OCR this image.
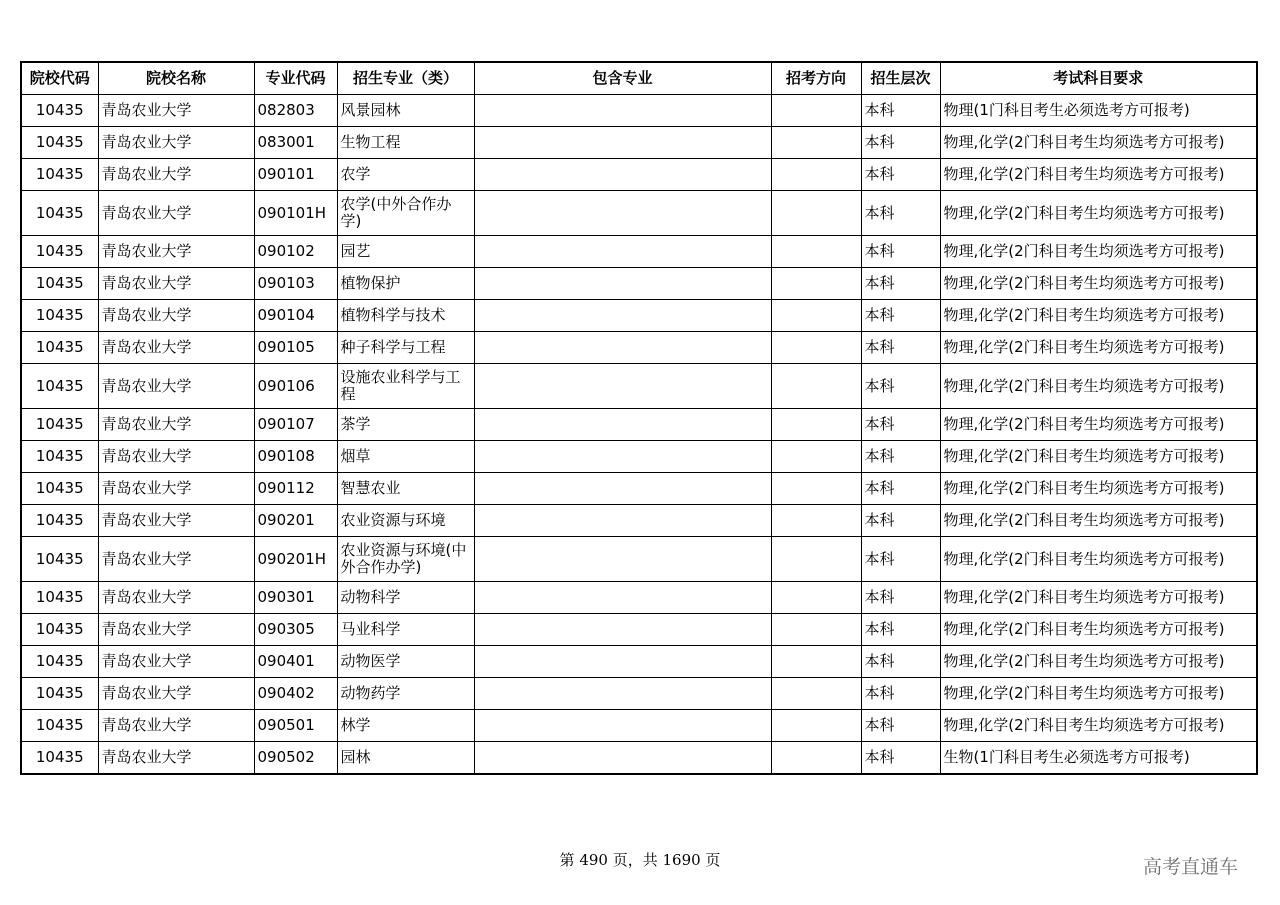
院校代码	院校名称	专业代码	招生专业（类）	包含专业	招考方向	招生层次	考试科目要求
10435	青岛农业大学	082803	风景园林			本科	物理(1门科目考生必须选考方可报考)
10435	青岛农业大学	083001	生物工程			本科	物理,化学(2门科目考生均须选考方可报考)
10435	青岛农业大学	090101	农学			本科	物理,化学(2门科目考生均须选考方可报考)
10435	青岛农业大学	090101H	农学(中外合作办学)			本科	物理,化学(2门科目考生均须选考方可报考)
10435	青岛农业大学	090102	园艺			本科	物理,化学(2门科目考生均须选考方可报考)
10435	青岛农业大学	090103	植物保护			本科	物理,化学(2门科目考生均须选考方可报考)
10435	青岛农业大学	090104	植物科学与技术			本科	物理,化学(2门科目考生均须选考方可报考)
10435	青岛农业大学	090105	种子科学与工程			本科	物理,化学(2门科目考生均须选考方可报考)
10435	青岛农业大学	090106	设施农业科学与工程			本科	物理,化学(2门科目考生均须选考方可报考)
10435	青岛农业大学	090107	茶学			本科	物理,化学(2门科目考生均须选考方可报考)
10435	青岛农业大学	090108	烟草			本科	物理,化学(2门科目考生均须选考方可报考)
10435	青岛农业大学	090112	智慧农业			本科	物理,化学(2门科目考生均须选考方可报考)
10435	青岛农业大学	090201	农业资源与环境			本科	物理,化学(2门科目考生均须选考方可报考)
10435	青岛农业大学	090201H	农业资源与环境(中外合作办学)			本科	物理,化学(2门科目考生均须选考方可报考)
10435	青岛农业大学	090301	动物科学			本科	物理,化学(2门科目考生均须选考方可报考)
10435	青岛农业大学	090305	马业科学			本科	物理,化学(2门科目考生均须选考方可报考)
10435	青岛农业大学	090401	动物医学			本科	物理,化学(2门科目考生均须选考方可报考)
10435	青岛农业大学	090402	动物药学			本科	物理,化学(2门科目考生均须选考方可报考)
10435	青岛农业大学	090501	林学			本科	物理,化学(2门科目考生均须选考方可报考)
10435	青岛农业大学	090502	园林			本科	生物(1门科目考生必须选考方可报考)
第 490 页，共 1690 页	高考直通车
